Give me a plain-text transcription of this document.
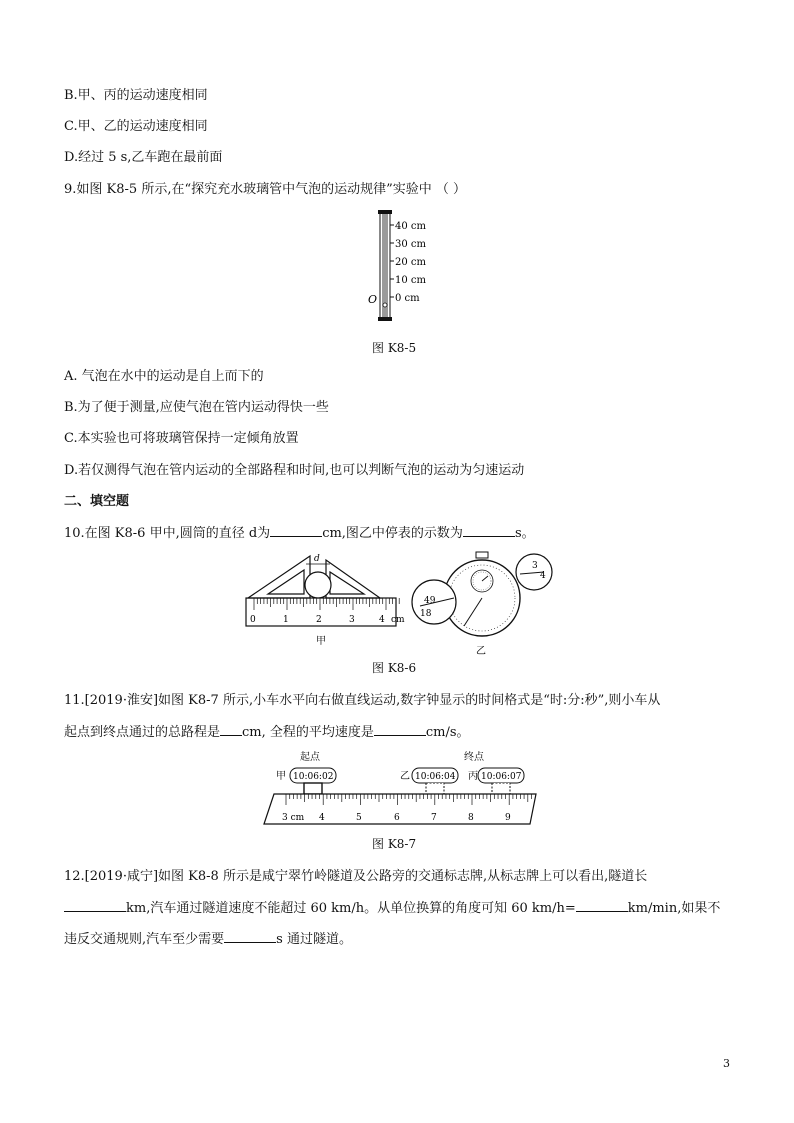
B.甲、丙的运动速度相同
C.甲、乙的运动速度相同
D.经过 5 s,乙车跑在最前面
9.如图 K8-5 所示,在“探究充水玻璃管中气泡的运动规律”实验中 （ ）
40 cm
30 cm
20 cm
10 cm
0 cm
O
图 K8-5
A. 气泡在水中的运动是自上而下的
B.为了便于测量,应使气泡在管内运动得快一些
C.本实验也可将玻璃管保持一定倾角放置
D.若仅测得气泡在管内运动的全部路程和时间,也可以判断气泡的运动为匀速运动
二、填空题
10.在图 K8-6 甲中,圆筒的直径 d为	cm,图乙中停表的示数为	s。
0	1	2	3	4 cm
d
甲
49
18
3
4
乙
图 K8-6
11.[2019·淮安]如图 K8-7 所示,小车水平向右做直线运动,数字钟显示的时间格式是“时:分:秒”,则小车从
起点到终点通过的总路程是 cm, 全程的平均速度是	cm/s。
起点	终点
甲	乙	丙
10:06:02	10:06:04	10:06:07
3 cm 4	5	6	7	8	9
图 K8-7
12.[2019·咸宁]如图 K8-8 所示是咸宁翠竹岭隧道及公路旁的交通标志牌,从标志牌上可以看出,隧道长
km,汽车通过隧道速度不能超过 60 km/h。从单位换算的角度可知 60 km/h=	km/min,如果不
违反交通规则,汽车至少需要	s 通过隧道。
3
